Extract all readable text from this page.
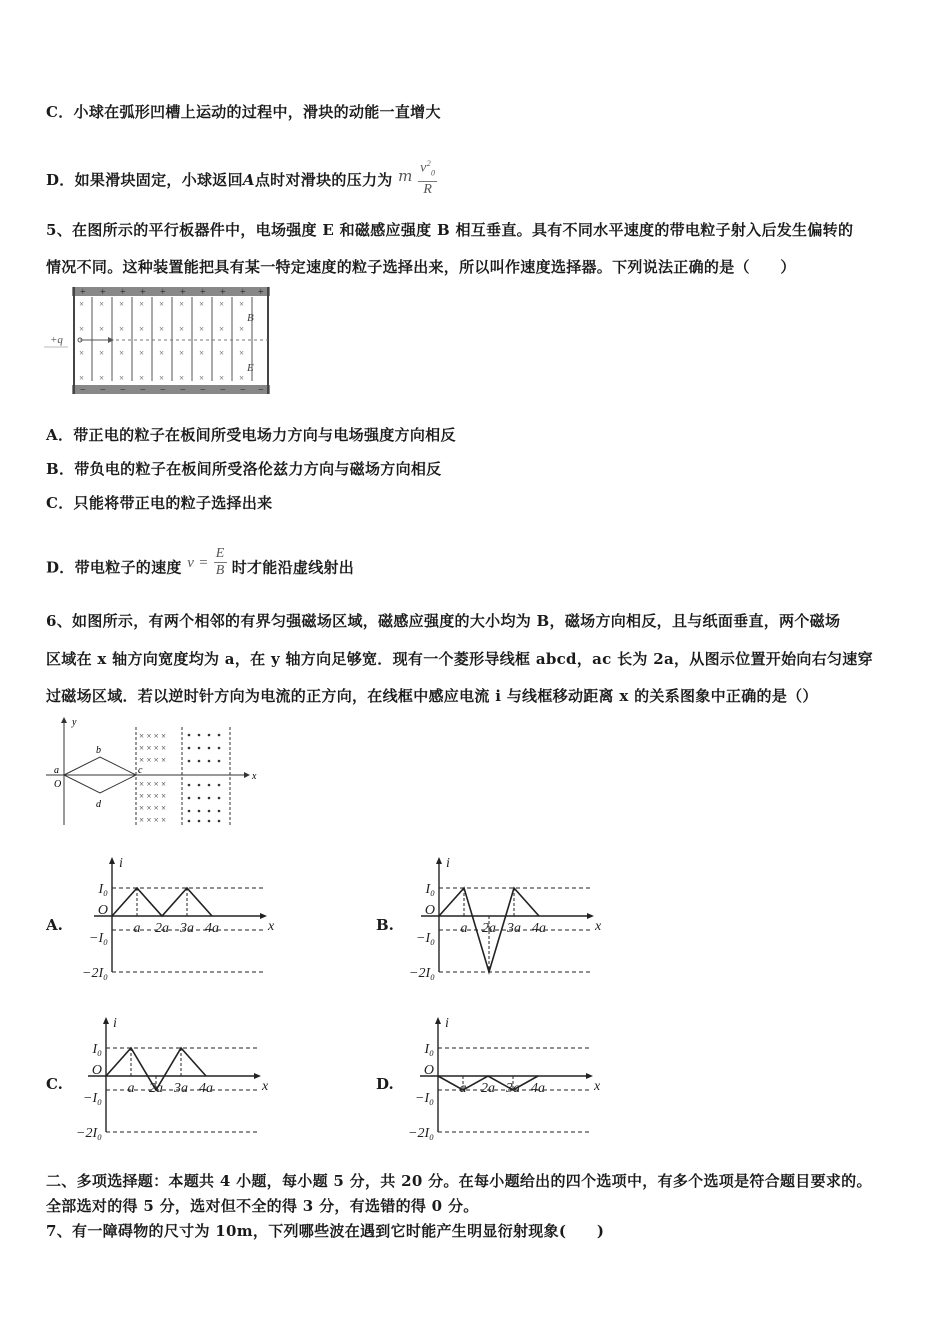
C．小球在弧形凹槽上运动的过程中，滑块的动能一直增大
D．如果滑块固定，小球返回A点时对滑块的压力为 m $\frac{v^2_0}{R}$
5、在图所示的平行板器件中，电场强度 E 和磁感应强度 B 相互垂直。具有不同水平速度的带电粒子射入后发生偏转的
情况不同。这种装置能把具有某一特定速度的粒子选择出来，所以叫作速度选择器。下列说法正确的是（　　）
+ + + + + + + + + +
− − − − − − − − − −
× × × × × × × × ×
× × × × × × × × ×
× × × × × × × × ×
× × × × × × × × ×
+q
B
E
A．带正电的粒子在板间所受电场力方向与电场强度方向相反
B．带负电的粒子在板间所受洛伦兹力方向与磁场方向相反
C．只能将带正电的粒子选择出来
D．带电粒子的速度 $v = \frac{E}{B}$ 时才能沿虚线射出
6、如图所示，有两个相邻的有界匀强磁场区域，磁感应强度的大小均为 B，磁场方向相反，且与纸面垂直，两个磁场
区域在 x 轴方向宽度均为 a，在 y 轴方向足够宽．现有一个菱形导线框 abcd，ac 长为 2a，从图示位置开始向右匀速穿
过磁场区域．若以逆时针方向为电流的正方向，在线框中感应电流 i 与线框移动距离 x 的关系图象中正确的是（）
y
x
a
b
c
d
O
× × × ×
× × × ×
× × × ×
× × × ×
× × × ×
× × × ×
× × × ×
A.	B.
C.	D.
i
x
O
I₀
−I₀
−2I₀
a 2a 3a 4a
i
x
O
I₀
−I₀
−2I₀
a 2a 3a 4a
i
x
O
I₀
−I₀
−2I₀
a 2a 3a 4a
i
x
O
I₀
−I₀
−2I₀
a 2a 3a 4a
二、多项选择题：本题共 4 小题，每小题 5 分，共 20 分。在每小题给出的四个选项中，有多个选项是符合题目要求的。
全部选对的得 5 分，选对但不全的得 3 分，有选错的得 0 分。
7、有一障碍物的尺寸为 10m，下列哪些波在遇到它时能产生明显衍射现象(　　)
